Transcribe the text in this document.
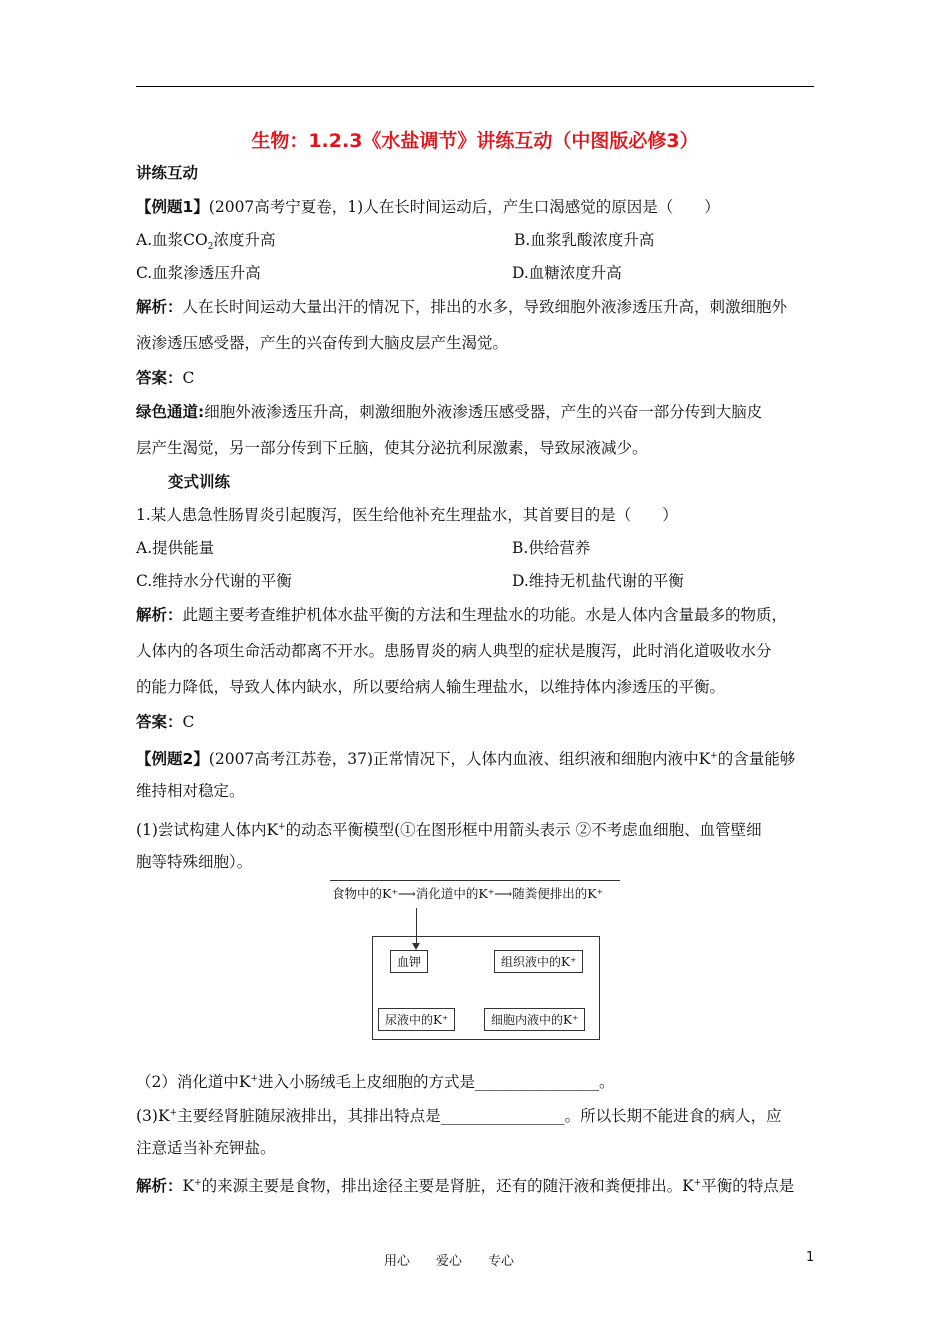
生物：1.2.3《水盐调节》讲练互动（中图版必修3）
讲练互动
【例题1】(2007高考宁夏卷，1)人在长时间运动后，产生口渴感觉的原因是（　　）
A.血浆$CO_2$浓度升高	B.血浆乳酸浓度升高
C.血浆渗透压升高	D.血糖浓度升高
解析：人在长时间运动大量出汗的情况下，排出的水多，导致细胞外液渗透压升高，刺激细胞外
液渗透压感受器，产生的兴奋传到大脑皮层产生渴觉。
答案：C
绿色通道:细胞外液渗透压升高，刺激细胞外液渗透压感受器，产生的兴奋一部分传到大脑皮
层产生渴觉，另一部分传到下丘脑，使其分泌抗利尿激素，导致尿液减少。
变式训练
1.某人患急性肠胃炎引起腹泻，医生给他补充生理盐水，其首要目的是（　　）
A.提供能量	B.供给营养
C.维持水分代谢的平衡	D.维持无机盐代谢的平衡
解析：此题主要考查维护机体水盐平衡的方法和生理盐水的功能。水是人体内含量最多的物质，
人体内的各项生命活动都离不开水。患肠胃炎的病人典型的症状是腹泻，此时消化道吸收水分
的能力降低，导致人体内缺水，所以要给病人输生理盐水，以维持体内渗透压的平衡。
答案：C
【例题2】(2007高考江苏卷，37)正常情况下，人体内血液、组织液和细胞内液中K+的含量能够
维持相对稳定。
(1)尝试构建人体内K+的动态平衡模型(①在图形框中用箭头表示 ②不考虑血细胞、血管壁细
胞等特殊细胞）。
食物中的K⁺⟶消化道中的K⁺⟶随粪便排出的K⁺
血钾	组织液中的K⁺
尿液中的K⁺	细胞内液中的K⁺
（2）消化道中K+进入小肠绒毛上皮细胞的方式是________________。
(3)K+主要经肾脏随尿液排出，其排出特点是________________。所以长期不能进食的病人，应
注意适当补充钾盐。
解析：K+的来源主要是食物，排出途径主要是肾脏，还有的随汗液和粪便排出。K+平衡的特点是
用心　　爱心　　专心	1
